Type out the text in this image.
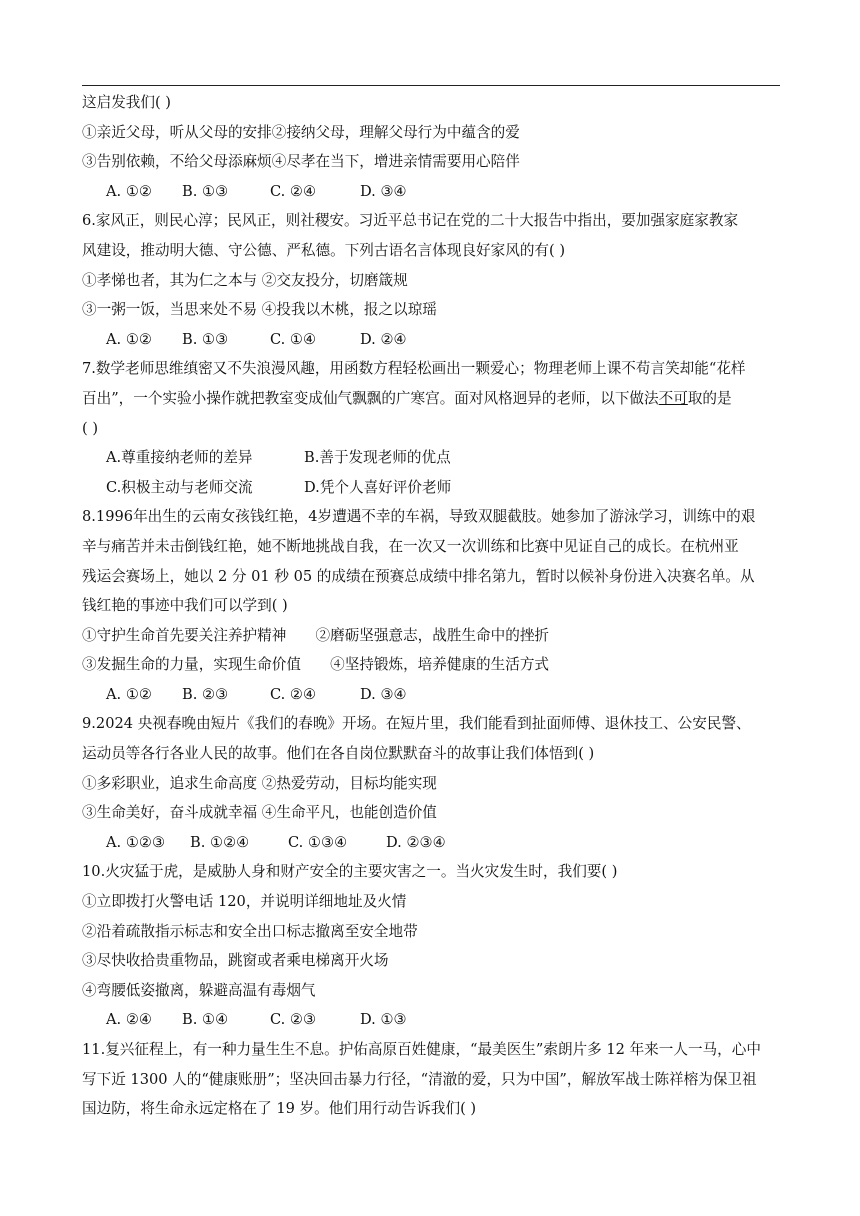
这启发我们( )
①亲近父母，听从父母的安排②接纳父母，理解父母行为中蕴含的爱
③告别依赖，不给父母添麻烦④尽孝在当下，增进亲情需要用心陪伴
A. ①② B. ①③	C. ②④	D. ③④
6.家风正，则民心淳；民风正，则社稷安。习近平总书记在党的二十大报告中指出，要加强家庭家教家
风建设，推动明大德、守公德、严私德。下列古语名言体现良好家风的有( )
①孝悌也者，其为仁之本与 ②交友投分，切磨箴规
③一粥一饭，当思来处不易 ④投我以木桃，报之以琼瑶
A. ①② B. ①③	C. ①④	D. ②④
7.数学老师思维缜密又不失浪漫风趣，用函数方程轻松画出一颗爱心；物理老师上课不苟言笑却能“花样
百出”，一个实验小操作就把教室变成仙气飘飘的广寒宫。面对风格迥异的老师，以下做法不可取的是
( )
A.尊重接纳老师的差异	B.善于发现老师的优点
C.积极主动与老师交流	D.凭个人喜好评价老师
8.1996年出生的云南女孩钱红艳，4岁遭遇不幸的车祸，导致双腿截肢。她参加了游泳学习，训练中的艰
辛与痛苦并未击倒钱红艳，她不断地挑战自我，在一次又一次训练和比赛中见证自己的成长。在杭州亚
残运会赛场上，她以 2 分 01 秒 05 的成绩在预赛总成绩中排名第九，暂时以候补身份进入决赛名单。从
钱红艳的事迹中我们可以学到( )
①守护生命首先要关注养护精神　　②磨砺坚强意志，战胜生命中的挫折
③发掘生命的力量，实现生命价值　　④坚持锻炼，培养健康的生活方式
A. ①② B. ②③	C. ②④	D. ③④
9.2024 央视春晚由短片《我们的春晚》开场。在短片里，我们能看到扯面师傅、退休技工、公安民警、
运动员等各行各业人民的故事。他们在各自岗位默默奋斗的故事让我们体悟到( )
①多彩职业，追求生命高度 ②热爱劳动，目标均能实现
③生命美好，奋斗成就幸福 ④生命平凡，也能创造价值
A. ①②③ B. ①②④	C. ①③④	D. ②③④
10.火灾猛于虎，是威胁人身和财产安全的主要灾害之一。当火灾发生时，我们要( )
①立即拨打火警电话 120，并说明详细地址及火情
②沿着疏散指示标志和安全出口标志撤离至安全地带
③尽快收拾贵重物品，跳窗或者乘电梯离开火场
④弯腰低姿撤离，躲避高温有毒烟气
A. ②④ B. ①④	C. ②③	D. ①③
11.复兴征程上，有一种力量生生不息。护佑高原百姓健康，“最美医生”索朗片多 12 年来一人一马，心中
写下近 1300 人的“健康账册”；坚决回击暴力行径，“清澈的爱，只为中国”，解放军战士陈祥榕为保卫祖
国边防，将生命永远定格在了 19 岁。他们用行动告诉我们( )
